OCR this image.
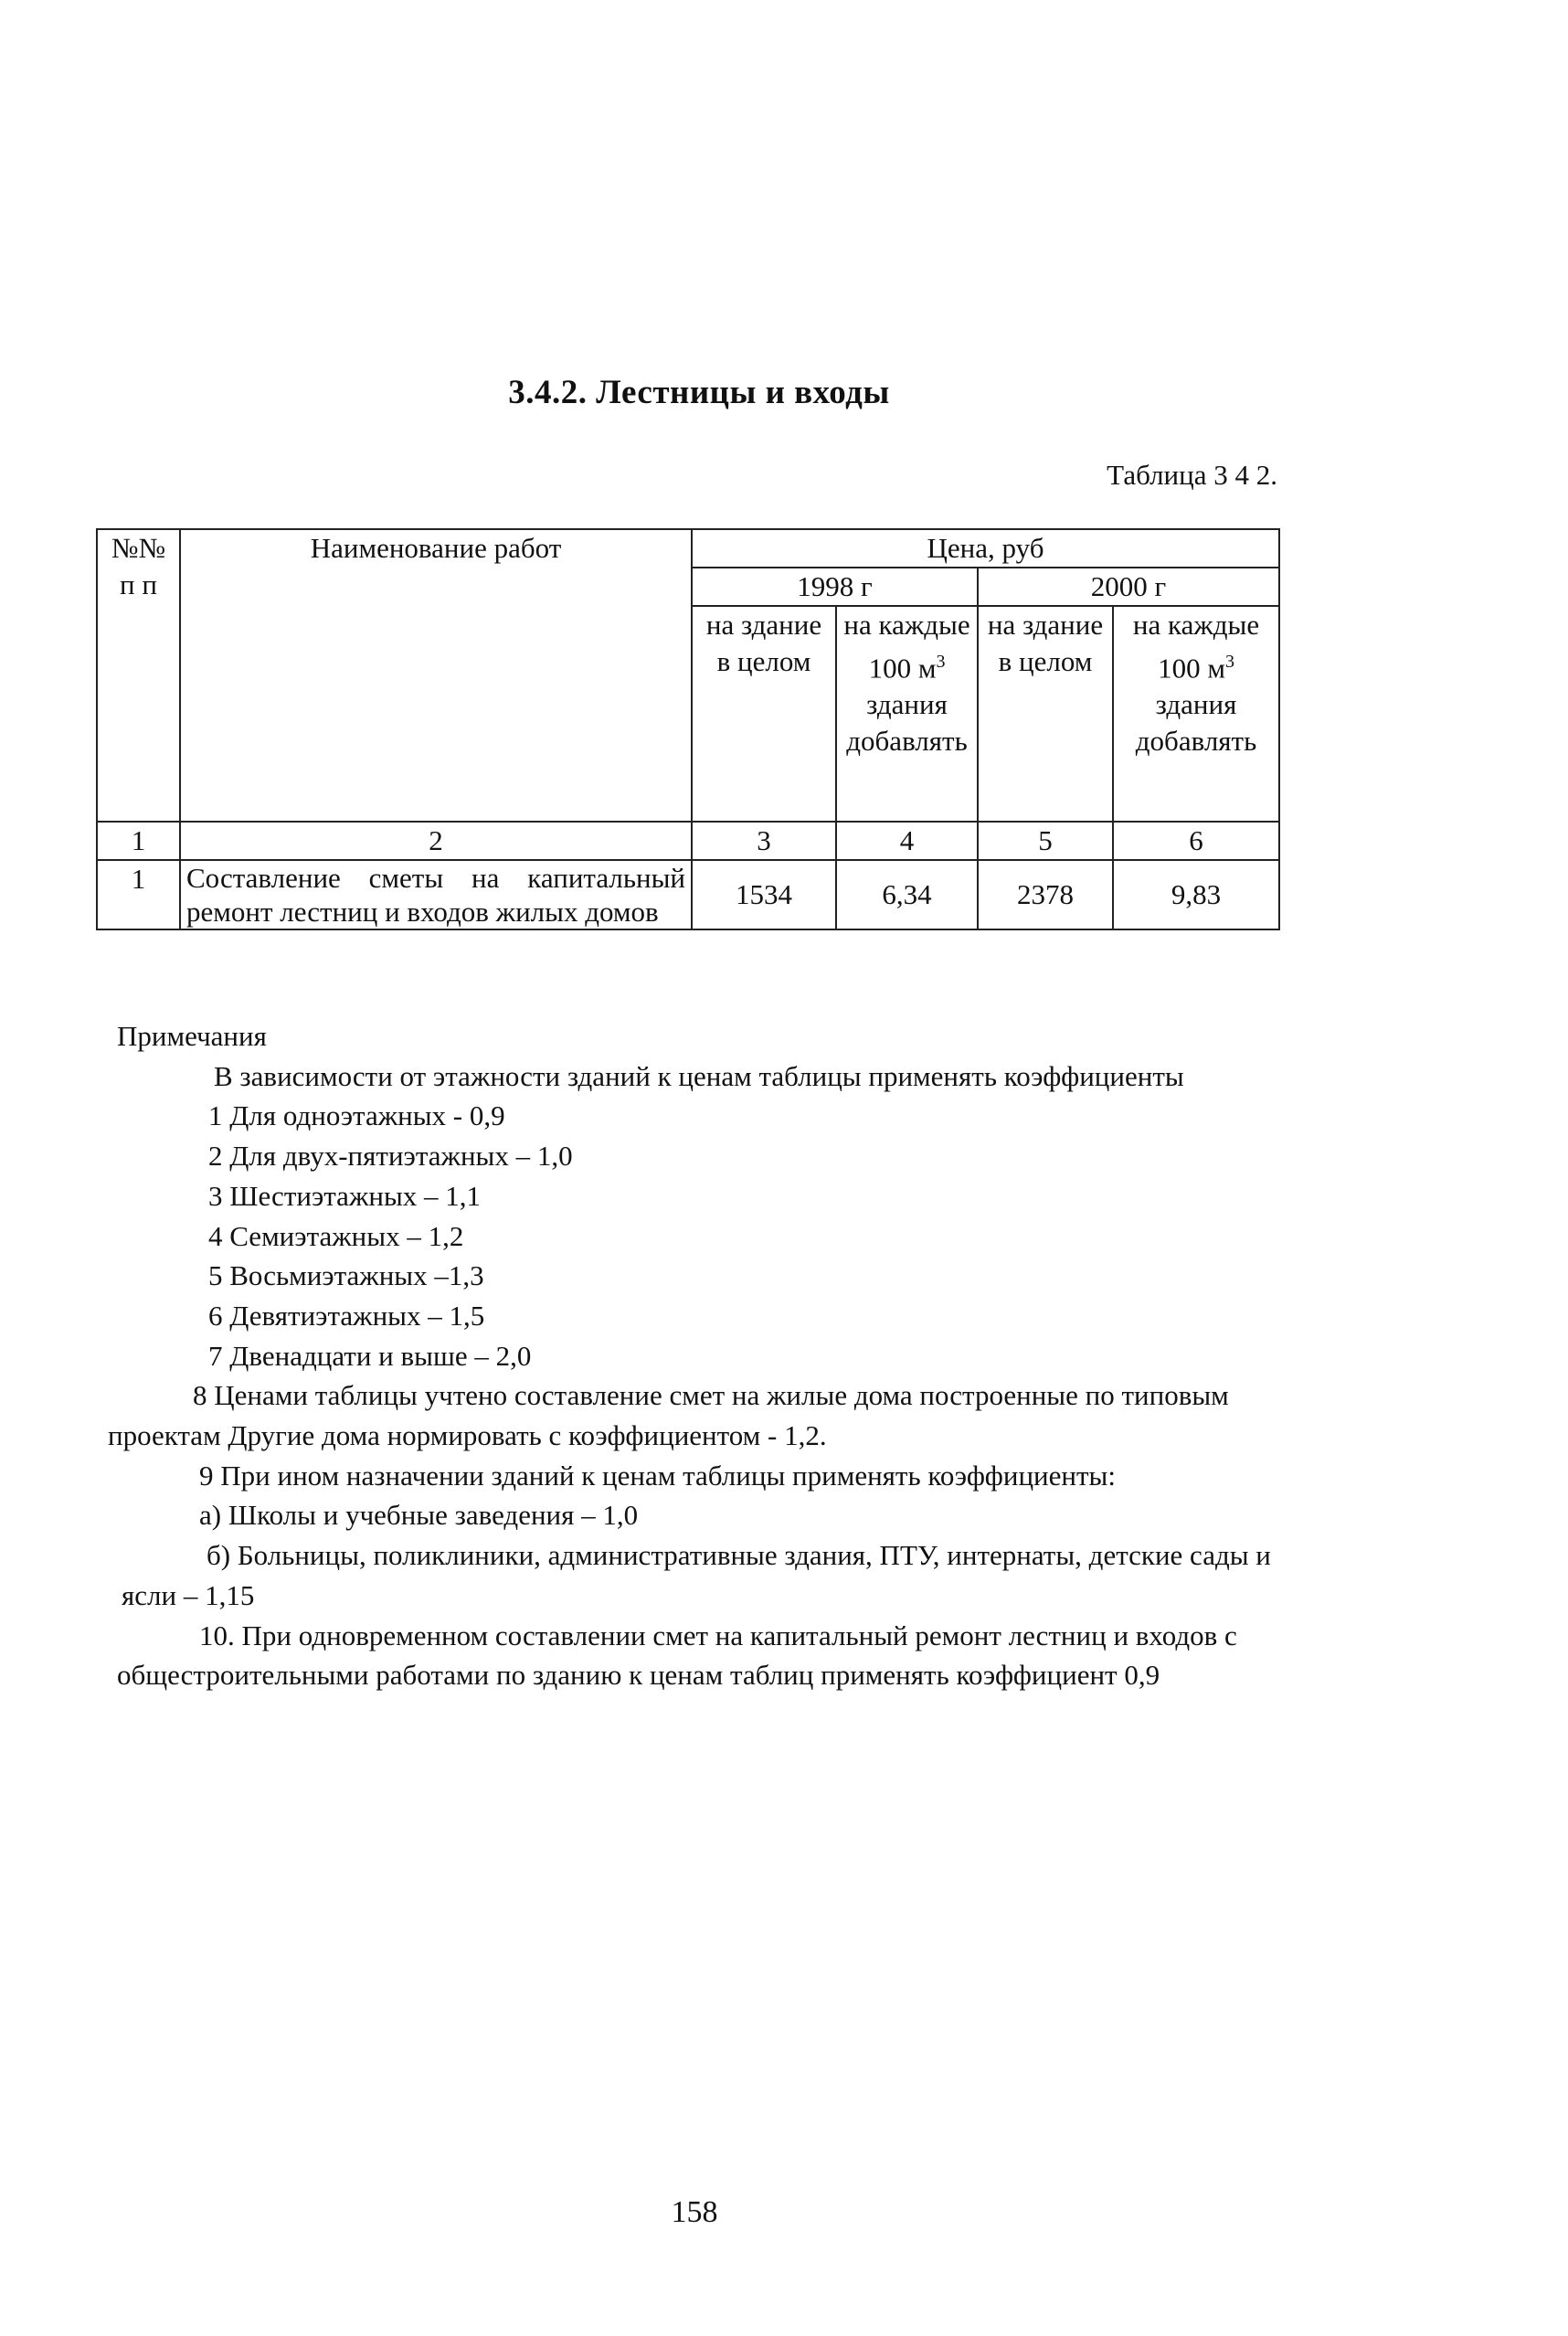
3.4.2. Лестницы и входы
Таблица 3 4 2.
№№ п п	Наименование работ	Цена, руб			
		1998 г		2000 г	
		на здание в целом	на каждые 100 $м^3$ здания добавлять	на здание в целом	на каждые 100 $м^3$ здания добавлять
1	2	3	4	5	6
1	Составление сметы на капитальный ремонт лестниц и входов жилых домов	1534	6,34	2378	9,83
Примечания
В зависимости от этажности зданий к ценам таблицы применять коэффициенты
1 Для одноэтажных - 0,9
2 Для двух-пятиэтажных – 1,0
3 Шестиэтажных – 1,1
4 Семиэтажных – 1,2
5 Восьмиэтажных –1,3
6 Девятиэтажных – 1,5
7 Двенадцати и выше – 2,0
8 Ценами таблицы учтено составление смет на жилые дома построенные по типовым проектам Другие дома нормировать с коэффициентом - 1,2.
9 При ином назначении зданий к ценам таблицы применять коэффициенты:
а) Школы и учебные заведения – 1,0
б) Больницы, поликлиники, административные здания, ПТУ, интернаты, детские сады и ясли – 1,15
10. При одновременном составлении смет на капитальный ремонт лестниц и входов с общестроительными работами по зданию к ценам таблиц применять коэффициент 0,9
158
